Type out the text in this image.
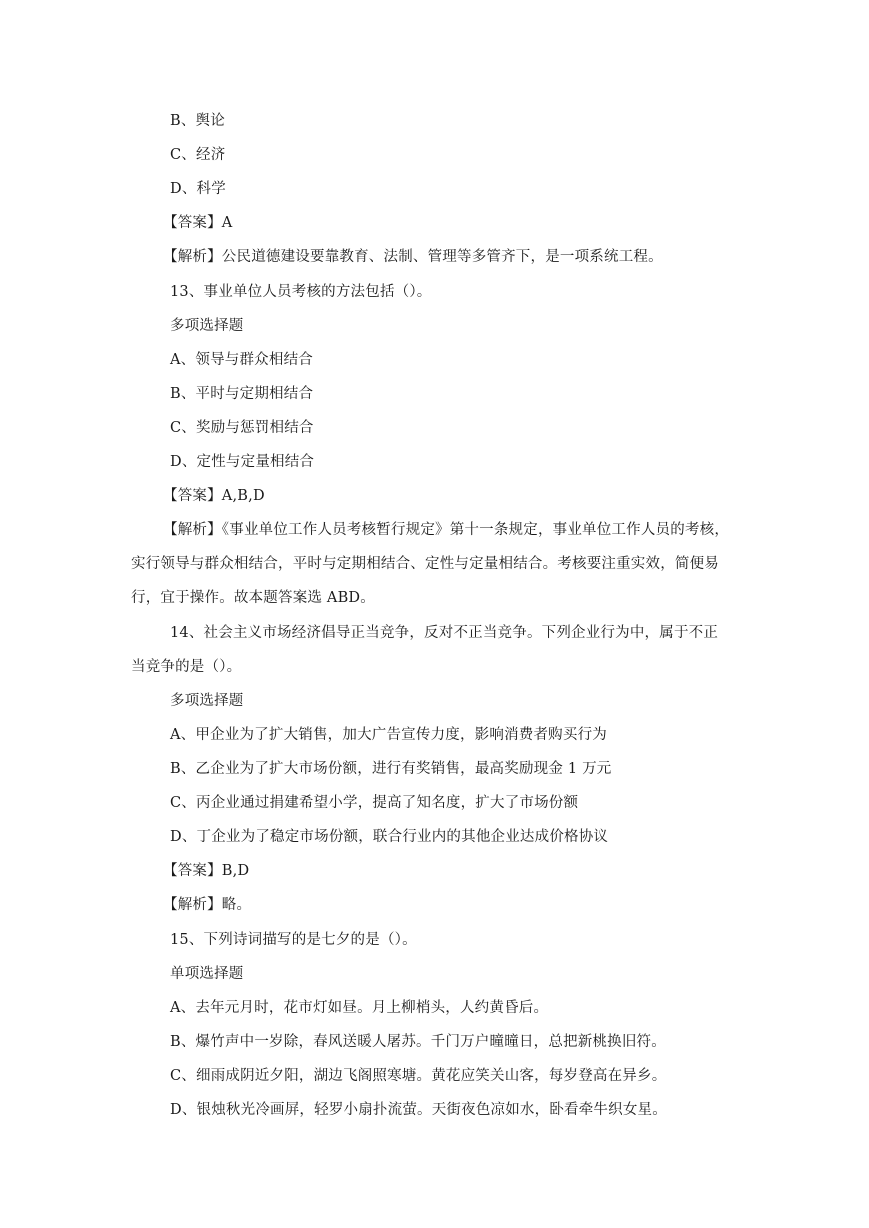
B、舆论
C、经济
D、科学
【答案】A
【解析】公民道德建设要靠教育、法制、管理等多管齐下，是一项系统工程。
13、事业单位人员考核的方法包括（）。
多项选择题
A、领导与群众相结合
B、平时与定期相结合
C、奖励与惩罚相结合
D、定性与定量相结合
【答案】A,B,D
【解析】《事业单位工作人员考核暂行规定》第十一条规定，事业单位工作人员的考核，
实行领导与群众相结合，平时与定期相结合、定性与定量相结合。考核要注重实效，简便易
行，宜于操作。故本题答案选 ABD。
14、社会主义市场经济倡导正当竞争，反对不正当竞争。下列企业行为中，属于不正
当竞争的是（）。
多项选择题
A、甲企业为了扩大销售，加大广告宣传力度，影响消费者购买行为
B、乙企业为了扩大市场份额，进行有奖销售，最高奖励现金 1 万元
C、丙企业通过捐建希望小学，提高了知名度，扩大了市场份额
D、丁企业为了稳定市场份额，联合行业内的其他企业达成价格协议
【答案】B,D
【解析】略。
15、下列诗词描写的是七夕的是（）。
单项选择题
A、去年元月时，花市灯如昼。月上柳梢头，人约黄昏后。
B、爆竹声中一岁除，春风送暖人屠苏。千门万户曈曈日，总把新桃换旧符。
C、细雨成阴近夕阳，湖边飞阁照寒塘。黄花应笑关山客，每岁登高在异乡。
D、银烛秋光冷画屏，轻罗小扇扑流萤。天街夜色凉如水，卧看牵牛织女星。
